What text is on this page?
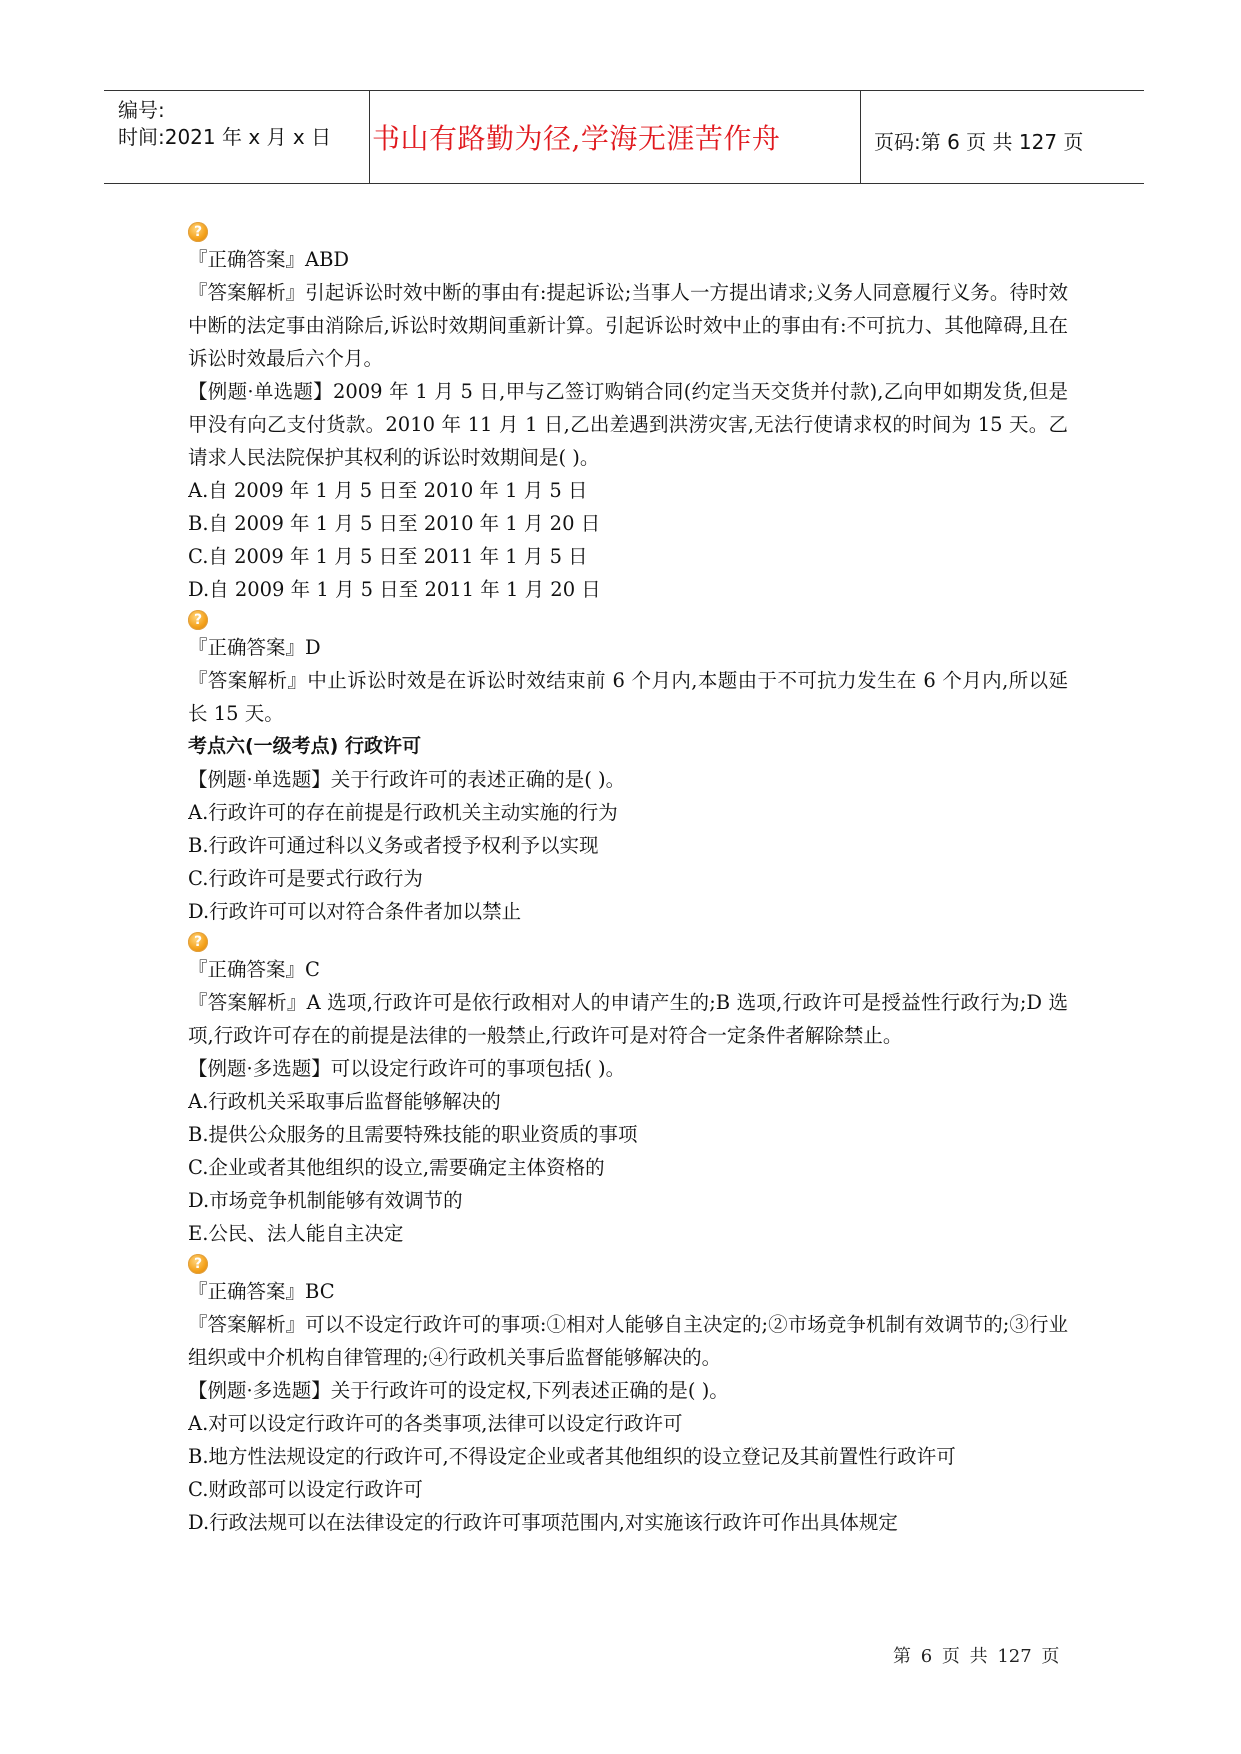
编号:
时间:2021 年 x 月 x 日 书山有路勤为径,学海无涯苦作舟	页码:第 6 页 共 127 页
?
『正确答案』ABD
『答案解析』引起诉讼时效中断的事由有:提起诉讼;当事人一方提出请求;义务人同意履行义务。待时效中断的法定事由消除后,诉讼时效期间重新计算。引起诉讼时效中止的事由有:不可抗力、其他障碍,且在诉讼时效最后六个月。
【例题·单选题】2009 年 1 月 5 日,甲与乙签订购销合同(约定当天交货并付款),乙向甲如期发货,但是甲没有向乙支付货款。2010 年 11 月 1 日,乙出差遇到洪涝灾害,无法行使请求权的时间为 15 天。乙请求人民法院保护其权利的诉讼时效期间是( )。
A.自 2009 年 1 月 5 日至 2010 年 1 月 5 日
B.自 2009 年 1 月 5 日至 2010 年 1 月 20 日
C.自 2009 年 1 月 5 日至 2011 年 1 月 5 日
D.自 2009 年 1 月 5 日至 2011 年 1 月 20 日
?
『正确答案』D
『答案解析』中止诉讼时效是在诉讼时效结束前 6 个月内,本题由于不可抗力发生在 6 个月内,所以延长 15 天。
考点六(一级考点) 行政许可
【例题·单选题】关于行政许可的表述正确的是( )。
A.行政许可的存在前提是行政机关主动实施的行为
B.行政许可通过科以义务或者授予权利予以实现
C.行政许可是要式行政行为
D.行政许可可以对符合条件者加以禁止
?
『正确答案』C
『答案解析』A 选项,行政许可是依行政相对人的申请产生的;B 选项,行政许可是授益性行政行为;D 选项,行政许可存在的前提是法律的一般禁止,行政许可是对符合一定条件者解除禁止。
【例题·多选题】可以设定行政许可的事项包括( )。
A.行政机关采取事后监督能够解决的
B.提供公众服务的且需要特殊技能的职业资质的事项
C.企业或者其他组织的设立,需要确定主体资格的
D.市场竞争机制能够有效调节的
E.公民、法人能自主决定
?
『正确答案』BC
『答案解析』可以不设定行政许可的事项:①相对人能够自主决定的;②市场竞争机制有效调节的;③行业组织或中介机构自律管理的;④行政机关事后监督能够解决的。
【例题·多选题】关于行政许可的设定权,下列表述正确的是( )。
A.对可以设定行政许可的各类事项,法律可以设定行政许可
B.地方性法规设定的行政许可,不得设定企业或者其他组织的设立登记及其前置性行政许可
C.财政部可以设定行政许可
D.行政法规可以在法律设定的行政许可事项范围内,对实施该行政许可作出具体规定
第 6 页 共 127 页
